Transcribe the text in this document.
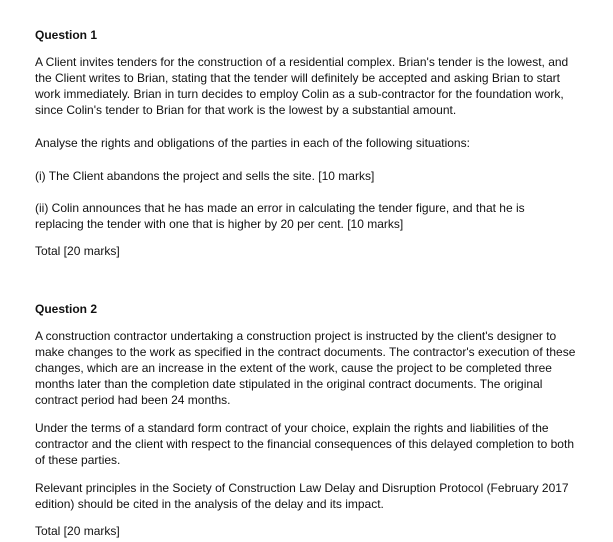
Question 1
A Client invites tenders for the construction of a residential complex. Brian's tender is the lowest, and
the Client writes to Brian, stating that the tender will definitely be accepted and asking Brian to start
work immediately. Brian in turn decides to employ Colin as a sub-contractor for the foundation work,
since Colin's tender to Brian for that work is the lowest by a substantial amount.
Analyse the rights and obligations of the parties in each of the following situations:
(i) The Client abandons the project and sells the site. [10 marks]
(ii) Colin announces that he has made an error in calculating the tender figure, and that he is
replacing the tender with one that is higher by 20 per cent. [10 marks]
Total [20 marks]
Question 2
A construction contractor undertaking a construction project is instructed by the client's designer to
make changes to the work as specified in the contract documents. The contractor's execution of these
changes, which are an increase in the extent of the work, cause the project to be completed three
months later than the completion date stipulated in the original contract documents. The original
contract period had been 24 months.
Under the terms of a standard form contract of your choice, explain the rights and liabilities of the
contractor and the client with respect to the financial consequences of this delayed completion to both
of these parties.
Relevant principles in the Society of Construction Law Delay and Disruption Protocol (February 2017
edition) should be cited in the analysis of the delay and its impact.
Total [20 marks]
